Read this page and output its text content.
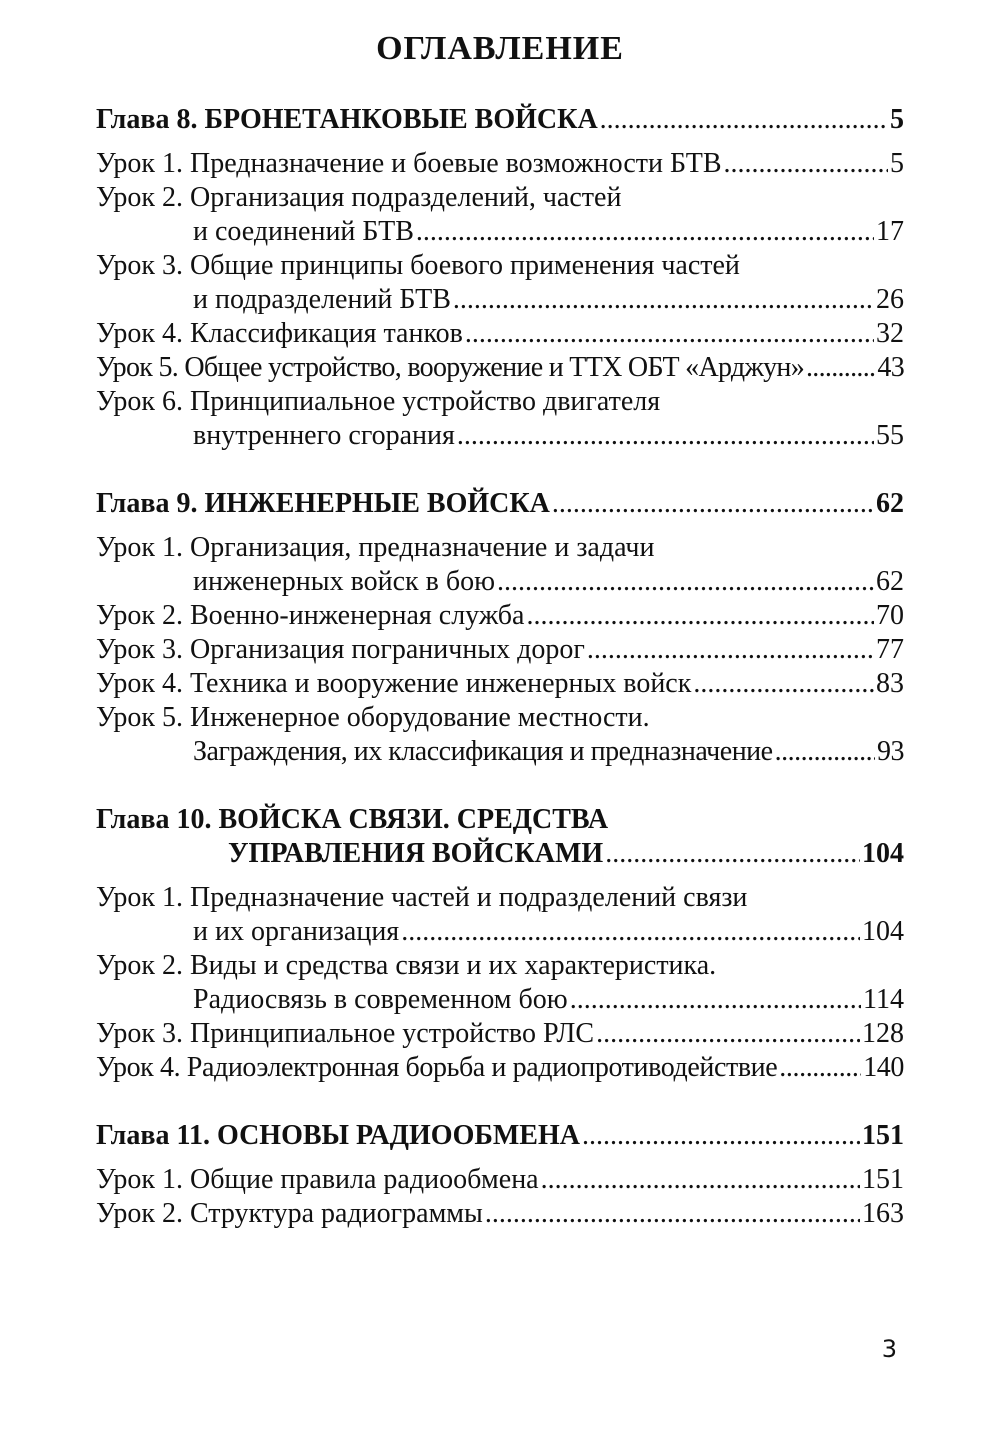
ОГЛАВЛЕНИЕ
Глава 8. БРОНЕТАНКОВЫЕ ВОЙСКА .....	5
Урок 1. Предназначение и боевые возможности БТВ .....	5
Урок 2. Организация подразделений, частей
и соединений БТВ .....	17
Урок 3. Общие принципы боевого применения частей
и подразделений БТВ .....	26
Урок 4. Классификация танков .....	32
Урок 5. Общее устройство, вооружение и ТТХ ОБТ «Арджун» .....	43
Урок 6. Принципиальное устройство двигателя
внутреннего сгорания .....	55
Глава 9. ИНЖЕНЕРНЫЕ ВОЙСКА .....	62
Урок 1. Организация, предназначение и задачи
инженерных войск в бою .....	62
Урок 2. Военно-инженерная служба .....	70
Урок 3. Организация пограничных дорог .....	77
Урок 4. Техника и вооружение инженерных войск .....	83
Урок 5. Инженерное оборудование местности.
Заграждения, их классификация и предназначение .....	93
Глава 10. ВОЙСКА СВЯЗИ. СРЕДСТВА
УПРАВЛЕНИЯ ВОЙСКАМИ .....	104
Урок 1. Предназначение частей и подразделений связи
и их организация .....	104
Урок 2. Виды и средства связи и их характеристика.
Радиосвязь в современном бою .....	114
Урок 3. Принципиальное устройство РЛС .....	128
Урок 4. Радиоэлектронная борьба и радиопротиводействие .....	140
Глава 11. ОСНОВЫ РАДИООБМЕНА .....	151
Урок 1. Общие правила радиообмена .....	151
Урок 2. Структура радиограммы .....	163
3
